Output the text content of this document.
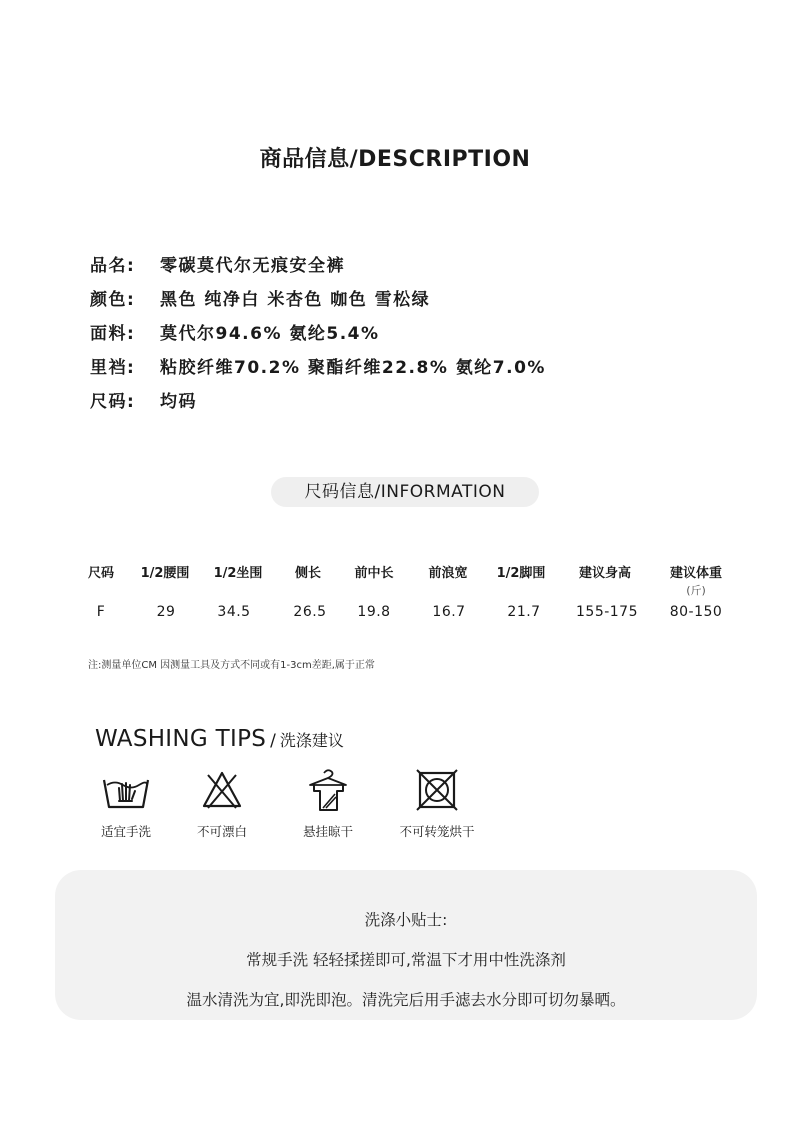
商品信息/DESCRIPTION
品名: 零碳莫代尔无痕安全裤
颜色: 黑色 纯净白 米杏色 咖色 雪松绿
面料: 莫代尔94.6% 氨纶5.4%
里裆: 粘胶纤维70.2% 聚酯纤维22.8% 氨纶7.0%
尺码: 均码
尺码信息/INFORMATION
尺码 1/2腰围 1/2坐围	侧长	前中长	前浪宽 1/2脚围	建议身高	建议体重
(斤)
F	29	34.5	26.5 19.8	16.7	21.7	155-175 80-150
注:测量单位CM 因测量工具及方式不同或有1-3cm差距,属于正常
WASHING TIPS / 洗涤建议
适宜手洗	不可漂白	悬挂晾干	不可转笼烘干
洗涤小贴士:
常规手洗 轻轻揉搓即可,常温下才用中性洗涤剂
温水清洗为宜,即洗即泡。清洗完后用手滤去水分即可切勿暴晒。
